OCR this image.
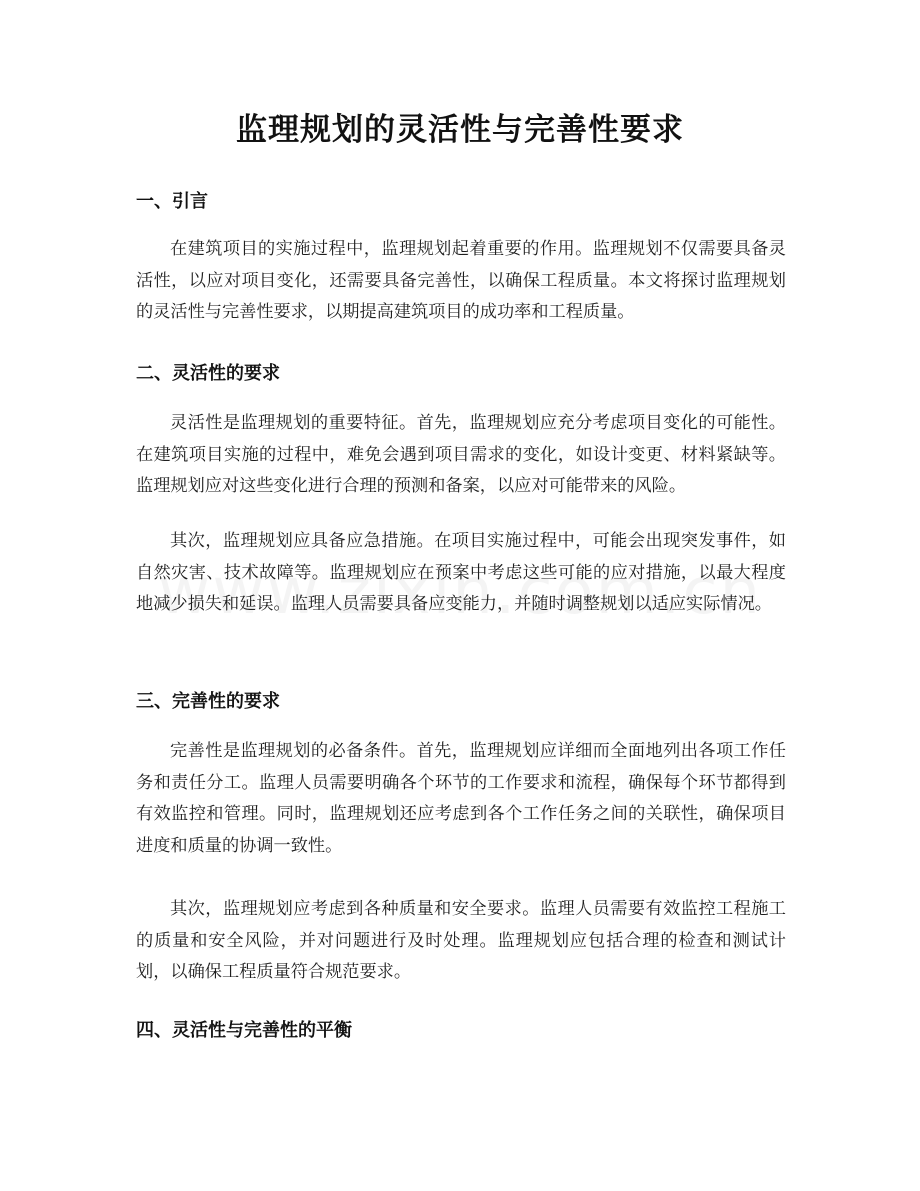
监理规划的灵活性与完善性要求
一、引言

在建筑项目的实施过程中，监理规划起着重要的作用。监理规划不仅需要具备灵活性，以应对项目变化，还需要具备完善性，以确保工程质量。本文将探讨监理规划的灵活性与完善性要求，以期提高建筑项目的成功率和工程质量。

二、灵活性的要求

灵活性是监理规划的重要特征。首先，监理规划应充分考虑项目变化的可能性。在建筑项目实施的过程中，难免会遇到项目需求的变化，如设计变更、材料紧缺等。监理规划应对这些变化进行合理的预测和备案，以应对可能带来的风险。

其次，监理规划应具备应急措施。在项目实施过程中，可能会出现突发事件，如自然灾害、技术故障等。监理规划应在预案中考虑这些可能的应对措施，以最大程度地减少损失和延误。监理人员需要具备应变能力，并随时调整规划以适应实际情况。

三、完善性的要求

完善性是监理规划的必备条件。首先，监理规划应详细而全面地列出各项工作任务和责任分工。监理人员需要明确各个环节的工作要求和流程，确保每个环节都得到有效监控和管理。同时，监理规划还应考虑到各个工作任务之间的关联性，确保项目进度和质量的协调一致性。

其次，监理规划应考虑到各种质量和安全要求。监理人员需要有效监控工程施工的质量和安全风险，并对问题进行及时处理。监理规划应包括合理的检查和测试计划，以确保工程质量符合规范要求。

四、灵活性与完善性的平衡
